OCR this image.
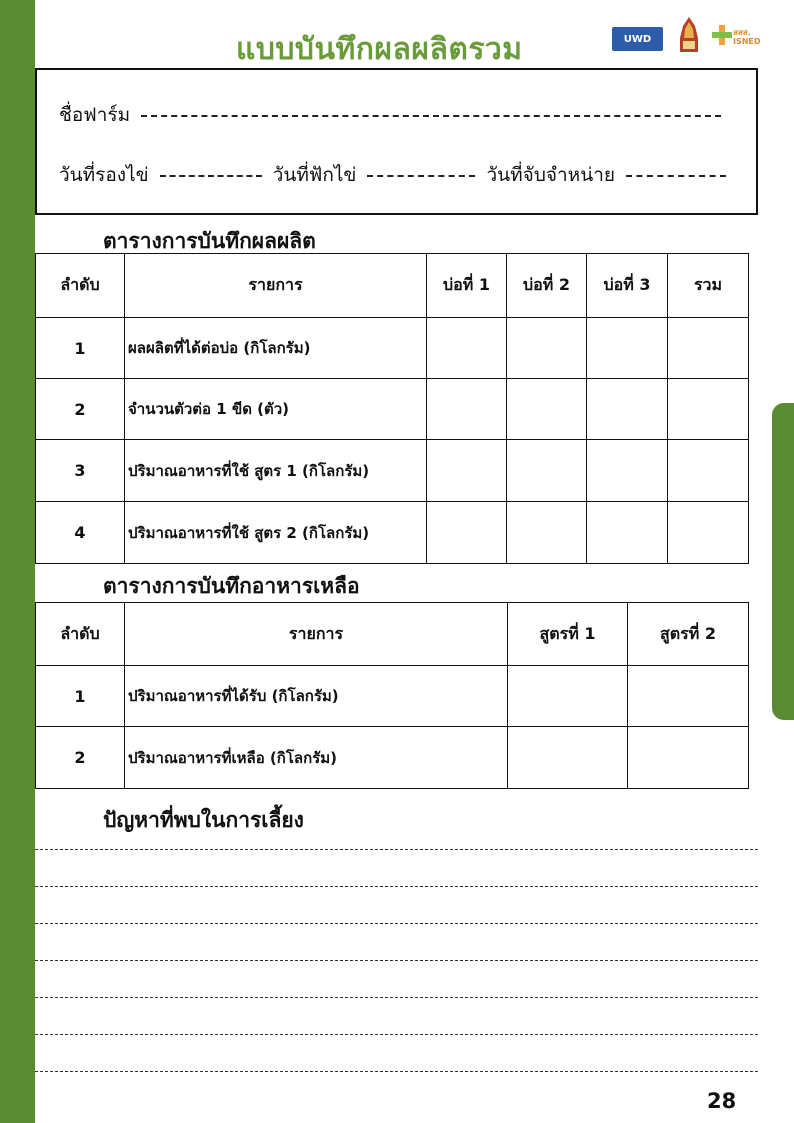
แบบบันทึกผลผลิตรวม	UWD
สสส.
ISNED
ชื่อฟาร์ม
วันที่รองไข่	วันที่ฟักไข่	วันที่จับจำหน่าย
ตารางการบันทึกผลผลิต
ลำดับ	รายการ	บ่อที่ 1	บ่อที่ 2	บ่อที่ 3	รวม
1	ผลผลิตที่ได้ต่อบ่อ (กิโลกรัม)				
2	จำนวนตัวต่อ 1 ขีด (ตัว)				
3	ปริมาณอาหารที่ใช้ สูตร 1 (กิโลกรัม)				
4	ปริมาณอาหารที่ใช้ สูตร 2 (กิโลกรัม)				
ตารางการบันทึกอาหารเหลือ
ลำดับ	รายการ	สูตรที่ 1	สูตรที่ 2
1	ปริมาณอาหารที่ได้รับ (กิโลกรัม)		
2	ปริมาณอาหารที่เหลือ (กิโลกรัม)		
ปัญหาที่พบในการเลี้ยง
28
